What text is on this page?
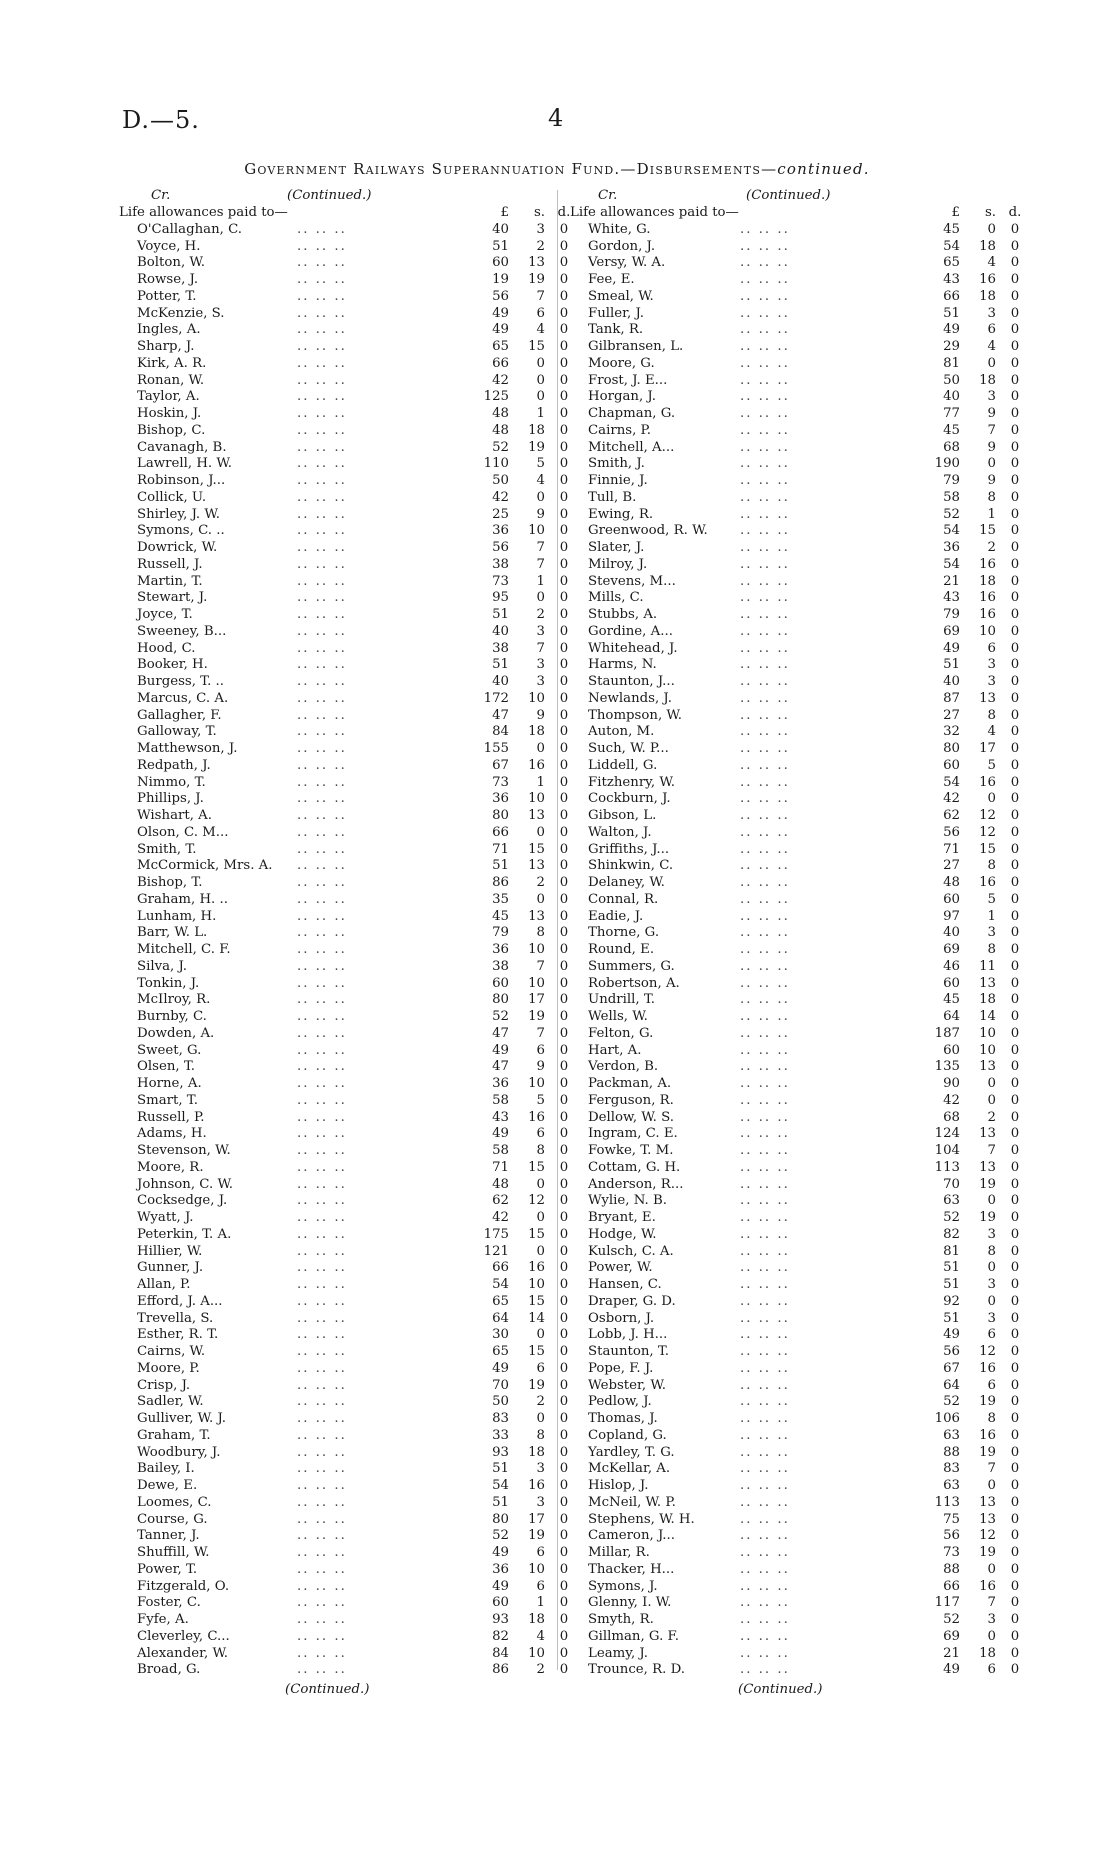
D.—5.	4
Government Railways Superannuation Fund.—Disbursements—continued.
Cr.	(Continued.)
Life allowances paid to—	£	s. d.
O'Callaghan, C.	.. .. ..	40	3	0
Voyce, H.	.. .. ..	51	2	0
Bolton, W.	.. .. ..	60	13	0
Rowse, J.	.. .. ..	19	19	0
Potter, T.	.. .. ..	56	7	0
McKenzie, S.	.. .. ..	49	6	0
Ingles, A.	.. .. ..	49	4	0
Sharp, J.	.. .. ..	65	15	0
Kirk, A. R.	.. .. ..	66	0	0
Ronan, W.	.. .. ..	42	0	0
Taylor, A.	.. .. ..	125	0	0
Hoskin, J.	.. .. ..	48	1	0
Bishop, C.	.. .. ..	48	18	0
Cavanagh, B.	.. .. ..	52	19	0
Lawrell, H. W.	.. .. ..	110	5	0
Robinson, J...	.. .. ..	50	4	0
Collick, U.	.. .. ..	42	0	0
Shirley, J. W.	.. .. ..	25	9	0
Symons, C. ..	.. .. ..	36	10	0
Dowrick, W.	.. .. ..	56	7	0
Russell, J.	.. .. ..	38	7	0
Martin, T.	.. .. ..	73	1	0
Stewart, J.	.. .. ..	95	0	0
Joyce, T.	.. .. ..	51	2	0
Sweeney, B...	.. .. ..	40	3	0
Hood, C.	.. .. ..	38	7	0
Booker, H.	.. .. ..	51	3	0
Burgess, T. ..	.. .. ..	40	3	0
Marcus, C. A.	.. .. ..	172	10	0
Gallagher, F.	.. .. ..	47	9	0
Galloway, T.	.. .. ..	84	18	0
Matthewson, J.	.. .. ..	155	0	0
Redpath, J.	.. .. ..	67	16	0
Nimmo, T.	.. .. ..	73	1	0
Phillips, J.	.. .. ..	36	10	0
Wishart, A.	.. .. ..	80	13	0
Olson, C. M...	.. .. ..	66	0	0
Smith, T.	.. .. ..	71	15	0
McCormick, Mrs. A. .. .. ..	51	13	0
Bishop, T.	.. .. ..	86	2	0
Graham, H. ..	.. .. ..	35	0	0
Lunham, H.	.. .. ..	45	13	0
Barr, W. L.	.. .. ..	79	8	0
Mitchell, C. F.	.. .. ..	36	10	0
Silva, J.	.. .. ..	38	7	0
Tonkin, J.	.. .. ..	60	10	0
McIlroy, R.	.. .. ..	80	17	0
Burnby, C.	.. .. ..	52	19	0
Dowden, A.	.. .. ..	47	7	0
Sweet, G.	.. .. ..	49	6	0
Olsen, T.	.. .. ..	47	9	0
Horne, A.	.. .. ..	36	10	0
Smart, T.	.. .. ..	58	5	0
Russell, P.	.. .. ..	43	16	0
Adams, H.	.. .. ..	49	6	0
Stevenson, W.	.. .. ..	58	8	0
Moore, R.	.. .. ..	71	15	0
Johnson, C. W.	.. .. ..	48	0	0
Cocksedge, J.	.. .. ..	62	12	0
Wyatt, J.	.. .. ..	42	0	0
Peterkin, T. A.	.. .. ..	175	15	0
Hillier, W.	.. .. ..	121	0	0
Gunner, J.	.. .. ..	66	16	0
Allan, P.	.. .. ..	54	10	0
Efford, J. A...	.. .. ..	65	15	0
Trevella, S.	.. .. ..	64	14	0
Esther, R. T.	.. .. ..	30	0	0
Cairns, W.	.. .. ..	65	15	0
Moore, P.	.. .. ..	49	6	0
Crisp, J.	.. .. ..	70	19	0
Sadler, W.	.. .. ..	50	2	0
Gulliver, W. J.	.. .. ..	83	0	0
Graham, T.	.. .. ..	33	8	0
Woodbury, J.	.. .. ..	93	18	0
Bailey, I.	.. .. ..	51	3	0
Dewe, E.	.. .. ..	54	16	0
Loomes, C.	.. .. ..	51	3	0
Course, G.	.. .. ..	80	17	0
Tanner, J.	.. .. ..	52	19	0
Shuffill, W.	.. .. ..	49	6	0
Power, T.	.. .. ..	36	10	0
Fitzgerald, O.	.. .. ..	49	6	0
Foster, C.	.. .. ..	60	1	0
Fyfe, A.	.. .. ..	93	18	0
Cleverley, C...	.. .. ..	82	4	0
Alexander, W.	.. .. ..	84	10	0
Broad, G.	.. .. ..	86	2	0
(Continued.)
Cr.	(Continued.)
Life allowances paid to—	£	s. d.
White, G.	.. .. ..	45	0	0
Gordon, J.	.. .. ..	54	18	0
Versy, W. A.	.. .. ..	65	4	0
Fee, E.	.. .. ..	43	16	0
Smeal, W.	.. .. ..	66	18	0
Fuller, J.	.. .. ..	51	3	0
Tank, R.	.. .. ..	49	6	0
Gilbransen, L.	.. .. ..	29	4	0
Moore, G.	.. .. ..	81	0	0
Frost, J. E...	.. .. ..	50	18	0
Horgan, J.	.. .. ..	40	3	0
Chapman, G.	.. .. ..	77	9	0
Cairns, P.	.. .. ..	45	7	0
Mitchell, A...	.. .. ..	68	9	0
Smith, J.	.. .. ..	190	0	0
Finnie, J.	.. .. ..	79	9	0
Tull, B.	.. .. ..	58	8	0
Ewing, R.	.. .. ..	52	1	0
Greenwood, R. W. .. .. ..	54	15	0
Slater, J.	.. .. ..	36	2	0
Milroy, J.	.. .. ..	54	16	0
Stevens, M...	.. .. ..	21	18	0
Mills, C.	.. .. ..	43	16	0
Stubbs, A.	.. .. ..	79	16	0
Gordine, A...	.. .. ..	69	10	0
Whitehead, J.	.. .. ..	49	6	0
Harms, N.	.. .. ..	51	3	0
Staunton, J...	.. .. ..	40	3	0
Newlands, J.	.. .. ..	87	13	0
Thompson, W.	.. .. ..	27	8	0
Auton, M.	.. .. ..	32	4	0
Such, W. P...	.. .. ..	80	17	0
Liddell, G.	.. .. ..	60	5	0
Fitzhenry, W.	.. .. ..	54	16	0
Cockburn, J.	.. .. ..	42	0	0
Gibson, L.	.. .. ..	62	12	0
Walton, J.	.. .. ..	56	12	0
Griffiths, J...	.. .. ..	71	15	0
Shinkwin, C.	.. .. ..	27	8	0
Delaney, W.	.. .. ..	48	16	0
Connal, R.	.. .. ..	60	5	0
Eadie, J.	.. .. ..	97	1	0
Thorne, G.	.. .. ..	40	3	0
Round, E.	.. .. ..	69	8	0
Summers, G.	.. .. ..	46	11	0
Robertson, A.	.. .. ..	60	13	0
Undrill, T.	.. .. ..	45	18	0
Wells, W.	.. .. ..	64	14	0
Felton, G.	.. .. ..	187	10	0
Hart, A.	.. .. ..	60	10	0
Verdon, B.	.. .. ..	135	13	0
Packman, A.	.. .. ..	90	0	0
Ferguson, R.	.. .. ..	42	0	0
Dellow, W. S.	.. .. ..	68	2	0
Ingram, C. E.	.. .. ..	124	13	0
Fowke, T. M.	.. .. ..	104	7	0
Cottam, G. H.	.. .. ..	113	13	0
Anderson, R...	.. .. ..	70	19	0
Wylie, N. B.	.. .. ..	63	0	0
Bryant, E.	.. .. ..	52	19	0
Hodge, W.	.. .. ..	82	3	0
Kulsch, C. A.	.. .. ..	81	8	0
Power, W.	.. .. ..	51	0	0
Hansen, C.	.. .. ..	51	3	0
Draper, G. D.	.. .. ..	92	0	0
Osborn, J.	.. .. ..	51	3	0
Lobb, J. H...	.. .. ..	49	6	0
Staunton, T.	.. .. ..	56	12	0
Pope, F. J.	.. .. ..	67	16	0
Webster, W.	.. .. ..	64	6	0
Pedlow, J.	.. .. ..	52	19	0
Thomas, J.	.. .. ..	106	8	0
Copland, G.	.. .. ..	63	16	0
Yardley, T. G.	.. .. ..	88	19	0
McKellar, A.	.. .. ..	83	7	0
Hislop, J.	.. .. ..	63	0	0
McNeil, W. P.	.. .. ..	113	13	0
Stephens, W. H.	.. .. ..	75	13	0
Cameron, J...	.. .. ..	56	12	0
Millar, R.	.. .. ..	73	19	0
Thacker, H...	.. .. ..	88	0	0
Symons, J.	.. .. ..	66	16	0
Glenny, I. W.	.. .. ..	117	7	0
Smyth, R.	.. .. ..	52	3	0
Gillman, G. F.	.. .. ..	69	0	0
Leamy, J.	.. .. ..	21	18	0
Trounce, R. D.	.. .. ..	49	6	0
(Continued.)
